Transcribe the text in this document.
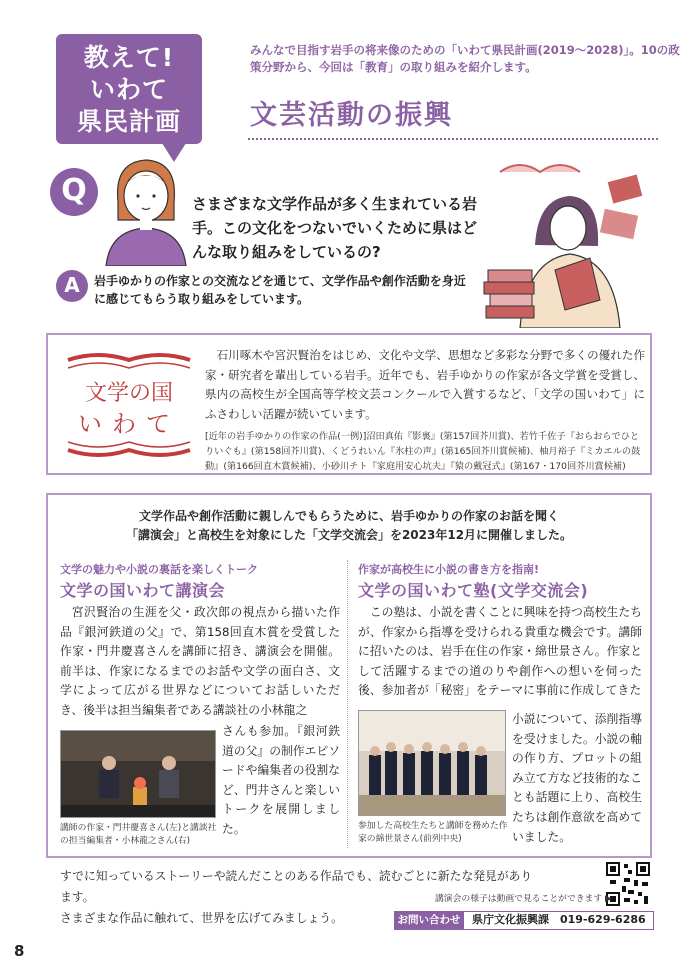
教えて!
いわて
県民計画
みんなで目指す岩手の将来像のための「いわて県民計画(2019〜2028)」。10の政策分野から、今回は「教育」の取り組みを紹介します。
文芸活動の振興
Q	さまざまな文学作品が多く生まれている岩手。この文化をつないでいくために県はどんな取り組みをしているの?
A	岩手ゆかりの作家との交流などを通じて、文学作品や創作活動を身近に感じてもらう取り組みをしています。
文学の国
いわて
石川啄木や宮沢賢治をはじめ、文化や文学、思想など多彩な分野で多くの優れた作家・研究者を輩出している岩手。近年でも、岩手ゆかりの作家が各文学賞を受賞し、県内の高校生が全国高等学校文芸コンクールで入賞するなど、「文学の国いわて」にふさわしい活躍が続いています。
[近年の岩手ゆかりの作家の作品(一例)]沼田真佑『影裏』(第157回芥川賞)、若竹千佐子『おらおらでひとりいぐも』(第158回芥川賞)、くどうれいん『氷柱の声』(第165回芥川賞候補)、柚月裕子『ミカエルの鼓動』(第166回直木賞候補)、小砂川チト『家庭用安心坑夫』『猿の戴冠式』(第167・170回芥川賞候補)
文学作品や創作活動に親しんでもらうために、岩手ゆかりの作家のお話を聞く
「講演会」と高校生を対象にした「文学交流会」を2023年12月に開催しました。
文学の魅力や小説の裏話を楽しくトーク
文学の国いわて講演会
宮沢賢治の生涯を父・政次郎の視点から描いた作品『銀河鉄道の父』で、第158回直木賞を受賞した作家・門井慶喜さんを講師に招き、講演会を開催。前半は、作家になるまでのお話や文学の面白さ、文学によって広がる世界などについてお話しいただき、後半は担当編集者である講談社の小林龍之
さんも参加。『銀河鉄道の父』の制作エピソードや編集者の役割など、門井さんと楽しいトークを展開しました。
講師の作家・門井慶喜さん(左)と講談社の担当編集者・小林龍之さん(右)
作家が高校生に小説の書き方を指南!
文学の国いわて塾(文学交流会)
この塾は、小説を書くことに興味を持つ高校生たちが、作家から指導を受けられる貴重な機会です。講師に招いたのは、岩手在住の作家・綿世景さん。作家として活躍するまでの道のりや創作への想いを伺った後、参加者が「秘密」をテーマに事前に作成してきた
小説について、添削指導を受けました。小説の軸の作り方、プロットの組み立て方など技術的なことも話題に上り、高校生たちは創作意欲を高めていました。
参加した高校生たちと講師を務めた作家の綿世景さん(前列中央)
すでに知っているストーリーや読んだことのある作品でも、読むごとに新たな発見があります。
さまざまな作品に触れて、世界を広げてみましょう。
講演会の様子は動画で見ることができます ▶
お問い合わせ	県庁文化振興課　019-629-6286
8
